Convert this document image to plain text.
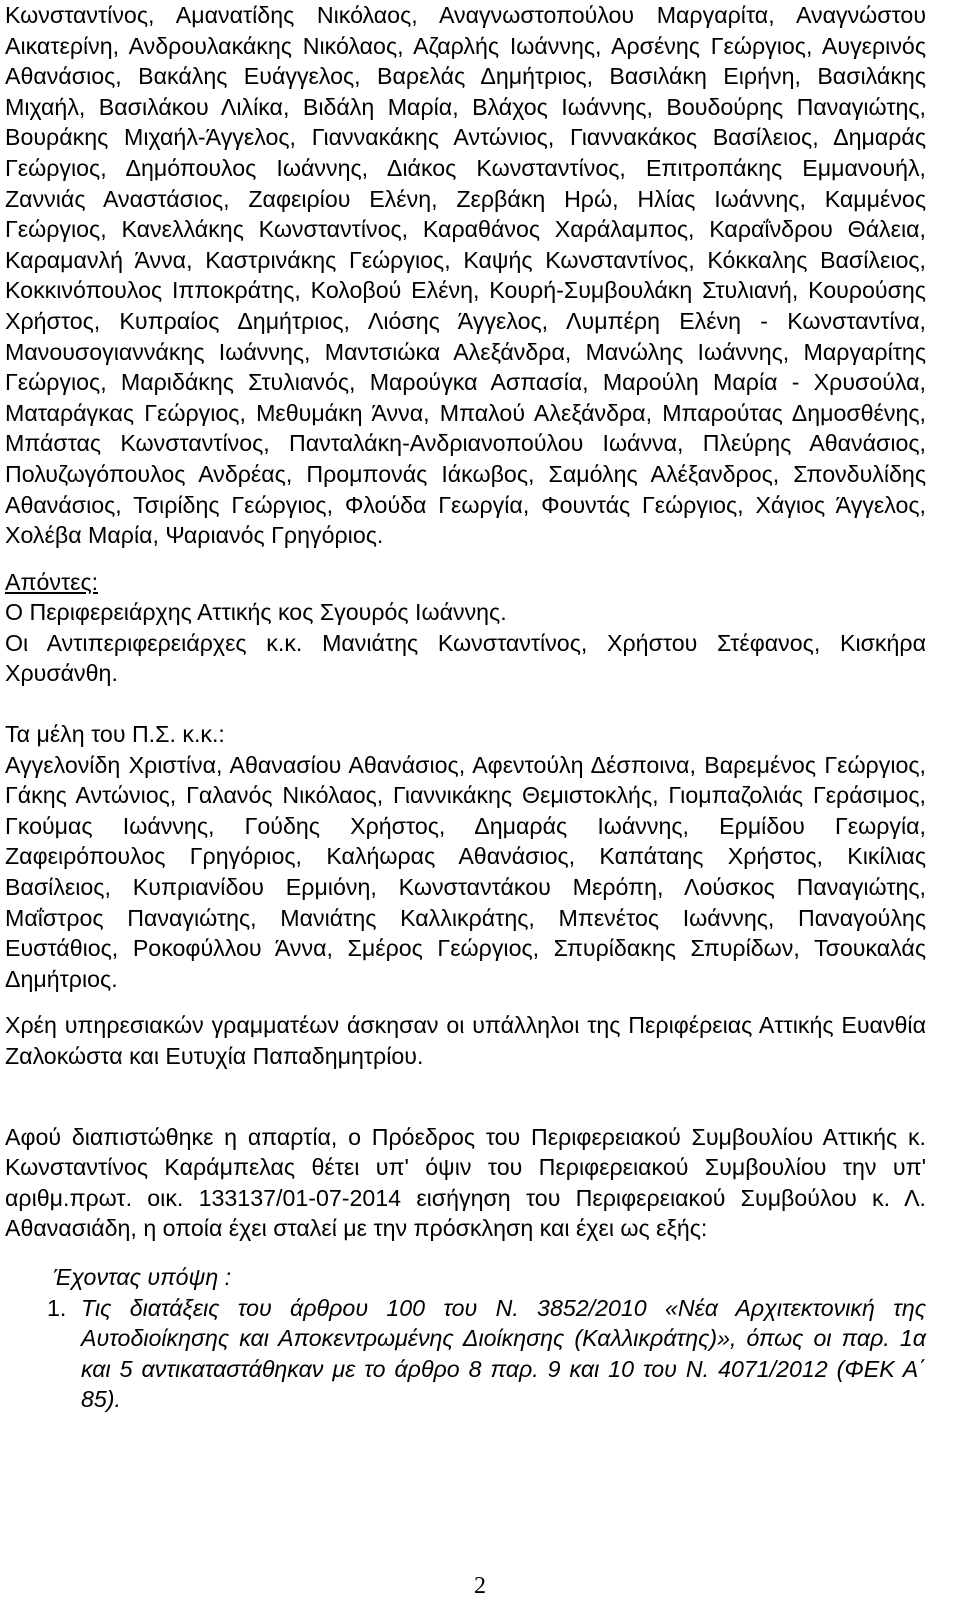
Κωνσταντίνος, Αμανατίδης Νικόλαος, Αναγνωστοπούλου Μαργαρίτα, Αναγνώστου Αικατερίνη, Ανδρουλακάκης Νικόλαος, Αζαρλής Ιωάννης, Αρσένης Γεώργιος, Αυγερινός Αθανάσιος, Βακάλης Ευάγγελος, Βαρελάς Δημήτριος, Βασιλάκη Ειρήνη, Βασιλάκης Μιχαήλ, Βασιλάκου Λιλίκα, Βιδάλη Μαρία, Βλάχος Ιωάννης, Βουδούρης Παναγιώτης, Βουράκης Μιχαήλ-Άγγελος, Γιαννακάκης Αντώνιος, Γιαννακάκος Βασίλειος, Δημαράς Γεώργιος, Δημόπουλος Ιωάννης, Διάκος Κωνσταντίνος, Επιτροπάκης Εμμανουήλ, Ζαννιάς Αναστάσιος, Ζαφειρίου Ελένη, Ζερβάκη Ηρώ, Ηλίας Ιωάννης, Καμμένος Γεώργιος, Κανελλάκης Κωνσταντίνος, Καραθάνος Χαράλαμπος, Καραΐνδρου Θάλεια, Καραμανλή Άννα, Καστρινάκης Γεώργιος, Καψής Κωνσταντίνος, Κόκκαλης Βασίλειος, Κοκκινόπουλος Ιπποκράτης, Κολοβού Ελένη, Κουρή-Συμβουλάκη Στυλιανή, Κουρούσης Χρήστος, Κυπραίος Δημήτριος, Λιόσης Άγγελος, Λυμπέρη Ελένη - Κωνσταντίνα, Μανουσογιαννάκης Ιωάννης, Μαντσιώκα Αλεξάνδρα, Μανώλης Ιωάννης, Μαργαρίτης Γεώργιος, Μαριδάκης Στυλιανός, Μαρούγκα Ασπασία, Μαρούλη Μαρία - Χρυσούλα, Ματαράγκας Γεώργιος, Μεθυμάκη Άννα, Μπαλού Αλεξάνδρα, Μπαρούτας Δημοσθένης, Μπάστας Κωνσταντίνος, Πανταλάκη-Ανδριανοπούλου Ιωάννα, Πλεύρης Αθανάσιος, Πολυζωγόπουλος Ανδρέας, Προμπονάς Ιάκωβος, Σαμόλης Αλέξανδρος, Σπονδυλίδης Αθανάσιος, Τσιρίδης Γεώργιος, Φλούδα Γεωργία, Φουντάς Γεώργιος, Χάγιος Άγγελος, Χολέβα Μαρία, Ψαριανός Γρηγόριος.

Απόντες:
Ο Περιφερειάρχης Αττικής κος Σγουρός Ιωάννης.
Οι Αντιπεριφερειάρχες κ.κ. Μανιάτης Κωνσταντίνος, Χρήστου Στέφανος, Κισκήρα Χρυσάνθη.
Τα μέλη του Π.Σ. κ.κ.:

Αγγελονίδη Χριστίνα, Αθανασίου Αθανάσιος, Αφεντούλη Δέσποινα, Βαρεμένος Γεώργιος, Γάκης Αντώνιος, Γαλανός Νικόλαος, Γιαννικάκης Θεμιστοκλής, Γιομπαζολιάς Γεράσιμος, Γκούμας Ιωάννης, Γούδης Χρήστος, Δημαράς Ιωάννης, Ερμίδου Γεωργία, Ζαφειρόπουλος Γρηγόριος, Καλήωρας Αθανάσιος, Καπάταης Χρήστος, Κικίλιας Βασίλειος, Κυπριανίδου Ερμιόνη, Κωνσταντάκου Μερόπη, Λούσκος Παναγιώτης, Μαΐστρος Παναγιώτης, Μανιάτης Καλλικράτης, Μπενέτος Ιωάννης, Παναγούλης Ευστάθιος, Ροκοφύλλου Άννα, Σμέρος Γεώργιος, Σπυρίδακης Σπυρίδων, Τσουκαλάς Δημήτριος.

Χρέη υπηρεσιακών γραμματέων άσκησαν οι υπάλληλοι της Περιφέρειας Αττικής Ευανθία Ζαλοκώστα και Ευτυχία Παπαδημητρίου.

Αφού διαπιστώθηκε η απαρτία, ο Πρόεδρος του Περιφερειακού Συμβουλίου Αττικής κ. Κωνσταντίνος Καράμπελας θέτει υπ' όψιν του Περιφερειακού Συμβουλίου την υπ' αριθμ.πρωτ. οικ. 133137/01-07-2014 εισήγηση του Περιφερειακού Συμβούλου κ. Λ. Αθανασιάδη, η οποία έχει σταλεί με την πρόσκληση και έχει ως εξής:

Έχοντας υπόψη :
1. Τις διατάξεις του άρθρου 100 του Ν. 3852/2010 «Νέα Αρχιτεκτονική της Αυτοδιοίκησης και Αποκεντρωμένης Διοίκησης (Καλλικράτης)», όπως οι παρ. 1α και 5 αντικαταστάθηκαν με το άρθρο 8 παρ. 9 και 10 του Ν. 4071/2012 (ΦΕΚ Α΄ 85).
2
